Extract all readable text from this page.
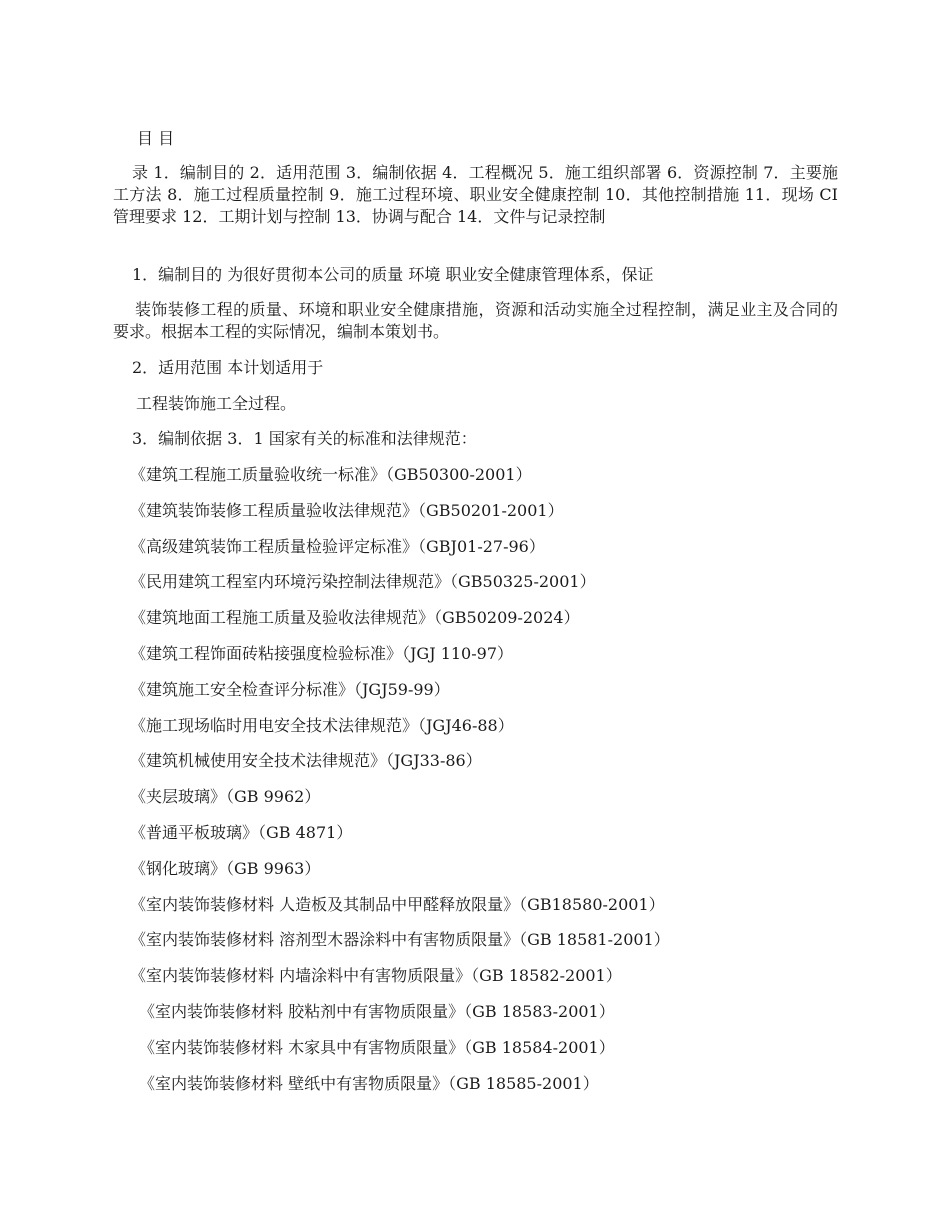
目 目

录 1．编制目的 2．适用范围 3．编制依据 4．工程概况 5．施工组织部署 6．资源控制 7．主要施工方法 8．施工过程质量控制 9．施工过程环境、职业安全健康控制 10．其他控制措施 11．现场 CI 管理要求 12．工期计划与控制 13．协调与配合 14．文件与记录控制

1．编制目的 为很好贯彻本公司的质量 环境 职业安全健康管理体系，保证

装饰装修工程的质量、环境和职业安全健康措施，资源和活动实施全过程控制，满足业主及合同的要求。根据本工程的实际情况，编制本策划书。

2．适用范围 本计划适用于

工程装饰施工全过程。

3．编制依据 3．1 国家有关的标准和法律规范：

《建筑工程施工质量验收统一标准》（GB50300-2001）

《建筑装饰装修工程质量验收法律规范》（GB50201-2001）

《高级建筑装饰工程质量检验评定标准》（GBJ01-27-96）

《民用建筑工程室内环境污染控制法律规范》（GB50325-2001）

《建筑地面工程施工质量及验收法律规范》（GB50209-2024）

《建筑工程饰面砖粘接强度检验标准》（JGJ 110-97）

《建筑施工安全检查评分标准》（JGJ59-99）

《施工现场临时用电安全技术法律规范》（JGJ46-88）

《建筑机械使用安全技术法律规范》（JGJ33-86）

《夹层玻璃》（GB 9962）

《普通平板玻璃》（GB 4871）

《钢化玻璃》（GB 9963）

《室内装饰装修材料 人造板及其制品中甲醛释放限量》（GB18580-2001）

《室内装饰装修材料 溶剂型木器涂料中有害物质限量》（GB 18581-2001）

《室内装饰装修材料 内墙涂料中有害物质限量》（GB 18582-2001）

《室内装饰装修材料 胶粘剂中有害物质限量》（GB 18583-2001）

《室内装饰装修材料 木家具中有害物质限量》（GB 18584-2001）

《室内装饰装修材料 壁纸中有害物质限量》（GB 18585-2001）
